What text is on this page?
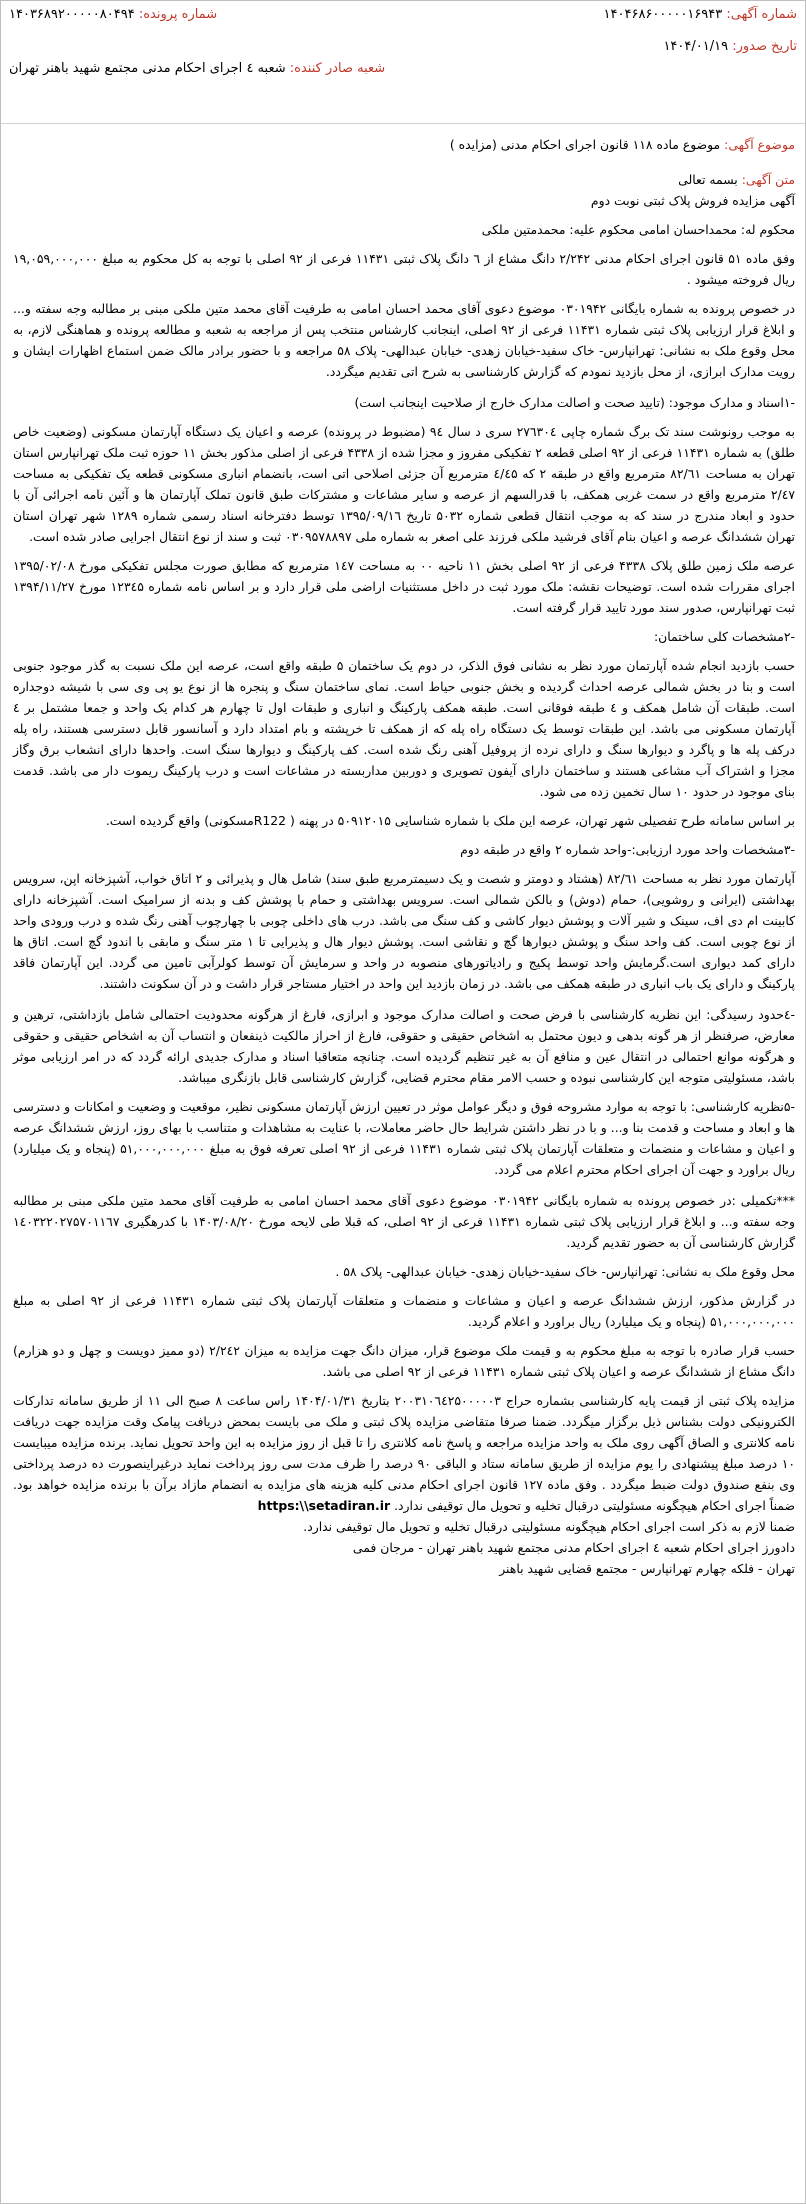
شماره آگهی: ۱۴۰۴۶۸۶۰۰۰۰۰۱۶۹۴۳
شماره پرونده: ۱۴۰۳۶۸۹۲۰۰۰۰۰۸۰۴۹۴
تاریخ صدور: ۱۴۰۴/۰۱/۱۹
شعبه صادر کننده: شعبه ٤ اجرای احکام مدنی مجتمع شهید باهنر تهران
موضوع آگهی: موضوع ماده ۱۱۸ قانون اجرای احکام مدنی (مزایده )
متن آگهی: بسمه تعالی
آگهی مزایده فروش پلاک ثبتی نوبت دوم
محکوم له: محمداحسان امامی محکوم علیه: محمدمتین ملکی
وفق ماده ۵۱ قانون اجرای احکام مدنی ۲/۲۴۲ دانگ مشاع از ٦ دانگ پلاک ثبتی ۱۱۴۳۱ فرعی از ۹۲ اصلی با توجه به کل محکوم به مبلغ ۱۹,۰۵۹,۰۰۰,۰۰۰ ریال فروخته میشود .
در خصوص پرونده به شماره بایگانی ۰۳۰۱۹۴۲ موضوع دعوی آقای محمد احسان امامی به طرفیت آقای محمد متین ملکی مبنی بر مطالبه وجه سفته و... و ابلاغ قرار ارزیابی پلاک ثبتی شماره ۱۱۴۳۱ فرعی از ۹۲ اصلی، اینجانب کارشناس منتخب پس از مراجعه به شعبه و مطالعه پرونده و هماهنگی لازم، به محل وقوع ملک به نشانی: تهرانپارس- خاک سفید-خیابان زهدی- خیابان عبدالهی- پلاک ۵۸ مراجعه و با حضور برادر مالک ضمن استماع اظهارات ایشان و رویت مدارک ابرازی، از محل بازدید نمودم که گزارش کارشناسی به شرح اتی تقدیم میگردد.
-۱اسناد و مدارک موجود: (تایید صحت و اصالت مدارک خارج از صلاحیت اینجانب است)
به موجب رونوشت سند تک برگ شماره چاپی ۲۷٦۳۰٤ سری د سال ۹٤ (مضبوط در پرونده) عرصه و اعیان یک دستگاه آپارتمان مسکونی (وضعیت خاص طلق) به شماره ۱۱۴۳۱ فرعی از ۹۲ اصلی قطعه ۲ تفکیکی مفروز و مجزا شده از ۴۳۳۸ فرعی از اصلی مذکور بخش ۱۱ حوزه ثبت ملک تهرانپارس استان تهران به مساحت ۸۲/٦۱ مترمربع واقع در طبقه ۲ که ٤/٤۵ مترمربع آن جزئی اصلاحی اتی است، بانضمام انباری مسکونی قطعه یک تفکیکی به مساحت ۲/٤۷ مترمربع واقع در سمت غربی همکف، با قدرالسهم از عرصه و سایر مشاعات و مشترکات طبق قانون تملک آپارتمان ها و آئین نامه اجرائی آن با حدود و ابعاد مندرج در سند که به موجب انتقال قطعی شماره ۵۰۳۲ تاریخ ۱۳۹۵/۰۹/۱٦ توسط دفترخانه اسناد رسمی شماره ۱۲۸۹ شهر تهران استان تهران ششدانگ عرصه و اعیان بنام آقای فرشید ملکی فرزند علی اصغر به شماره ملی ۰۳۰۹۵۷۸۸۹۷ ثبت و سند از نوع انتقال اجرایی صادر شده است.
عرصه ملک زمین طلق پلاک ۴۳۳۸ فرعی از ۹۲ اصلی بخش ۱۱ ناحیه ۰۰ به مساحت ۱٤۷ مترمربع که مطابق صورت مجلس تفکیکی مورخ ۱۳۹۵/۰۲/۰۸ اجرای مقررات شده است. توضیحات نقشه: ملک مورد ثبت در داخل مستثنیات اراضی ملی قرار دارد و بر اساس نامه شماره ۱۲۳٤۵ مورخ ۱۳۹۴/۱۱/۲۷ ثبت تهرانپارس، صدور سند مورد تایید قرار گرفته است.
-۲مشخصات کلی ساختمان:
حسب بازدید انجام شده آپارتمان مورد نظر به نشانی فوق الذکر، در دوم یک ساختمان ۵ طبقه واقع است، عرصه این ملک نسبت به گذر موجود جنوبی است و بنا در بخش شمالی عرصه احداث گردیده و بخش جنوبی حیاط است. نمای ساختمان سنگ و پنجره ها از نوع یو پی وی سی با شیشه دوجداره است. طبقات آن شامل همکف و ٤ طبقه فوقانی است. طبقه همکف پارکینگ و انباری و طبقات اول تا چهارم هر کدام یک واحد و جمعا مشتمل بر ٤ آپارتمان مسکونی می باشد. این طبقات توسط یک دستگاه راه پله که از همکف تا خرپشته و بام امتداد دارد و آسانسور قابل دسترسی هستند، راه پله درکف پله ها و پاگرد و دیوارها سنگ و دارای نرده از پروفیل آهنی رنگ شده است. کف پارکینگ و دیوارها سنگ است. واحدها دارای انشعاب برق وگاز مجزا و اشتراک آب مشاعی هستند و ساختمان دارای آیفون تصویری و دوربین مداربسته در مشاعات است و درب پارکینگ ریموت دار می باشد. قدمت بنای موجود در حدود ۱۰ سال تخمین زده می شود.
بر اساس سامانه طرح تفصیلی شهر تهران، عرصه این ملک با شماره شناسایی ۵۰۹۱۲۰۱۵ در پهنه ( R122مسکونی) واقع گردیده است.
-۳مشخصات واحد مورد ارزیابی:-واحد شماره ۲ واقع در طبقه دوم
آپارتمان مورد نظر به مساحت ۸۲/٦۱ (هشتاد و دومتر و شصت و یک دسیمترمربع طبق سند) شامل هال و پذیرائی و ۲ اتاق خواب، آشپزخانه اپن، سرویس بهداشتی (ایرانی و روشویی)، حمام (دوش) و بالکن شمالی است. سرویس بهداشتی و حمام با پوشش کف و بدنه از سرامیک است. آشپزخانه دارای کابینت ام دی اف، سینک و شیر آلات و پوشش دیوار کاشی و کف سنگ می باشد. درب های داخلی چوبی با چهارچوب آهنی رنگ شده و درب ورودی واحد از نوع چوبی است. کف واحد سنگ و پوشش دیوارها گچ و نقاشی است. پوشش دیوار هال و پذیرایی تا ۱ متر سنگ و مابقی با اندود گچ است. اتاق ها دارای کمد دیواری است.گرمایش واحد توسط پکیج و رادیاتورهای منصوبه در واحد و سرمایش آن توسط کولرآبی تامین می گردد. این آپارتمان فاقد پارکینگ و دارای یک باب انباری در طبقه همکف می باشد. در زمان بازدید این واحد در اختیار مستاجر قرار داشت و در آن سکونت داشتند.
-٤حدود رسیدگی: این نظریه کارشناسی با فرض صحت و اصالت مدارک موجود و ابرازی، فارغ از هرگونه محدودیت احتمالی شامل بازداشتی، ترهین و معارض، صرفنظر از هر گونه بدهی و دیون محتمل به اشخاص حقیقی و حقوقی، فارغ از احراز مالکیت ذینفعان و انتساب آن به اشخاص حقیقی و حقوقی و هرگونه موانع احتمالی در انتقال عین و منافع آن به غیر تنظیم گردیده است. چنانچه متعاقبا اسناد و مدارک جدیدی ارائه گردد که در امر ارزیابی موثر باشد، مسئولیتی متوجه این کارشناسی نبوده و حسب الامر مقام محترم قضایی، گزارش کارشناسی قابل بازنگری میباشد.
-۵نظریه کارشناسی: با توجه به موارد مشروحه فوق و دیگر عوامل موثر در تعیین ارزش آپارتمان مسکونی نظیر، موقعیت و وضعیت و امکانات و دسترسی ها و ابعاد و مساحت و قدمت بنا و... و با در نظر داشتن شرایط حال حاضر معاملات، با عنایت به مشاهدات و متناسب با بهای روز، ارزش ششدانگ عرصه و اعیان و مشاعات و منضمات و متعلقات آپارتمان پلاک ثبتی شماره ۱۱۴۳۱ فرعی از ۹۲ اصلی تعرفه فوق به مبلغ ۵۱,۰۰۰,۰۰۰,۰۰۰ (پنجاه و یک میلیارد) ریال براورد و جهت آن اجرای احکام محترم اعلام می گردد.
***تکمیلی :در خصوص پرونده به شماره بایگانی ۰۳۰۱۹۴۲ موضوع دعوی آقای محمد احسان امامی به طرفیت آقای محمد متین ملکی مبنی بر مطالبه وجه سفته و... و ابلاغ قرار ارزیابی پلاک ثبتی شماره ۱۱۴۳۱ فرعی از ۹۲ اصلی، که قبلا طی لایحه مورخ ۱۴۰۳/۰۸/۲۰ با کدرهگیری ۱٤۰۳۲۲۰۲۷۵۷۰۱۱٦۷ گزارش کارشناسی آن به حضور تقدیم گردید.
محل وقوع ملک به نشانی: تهرانپارس- خاک سفید-خیابان زهدی- خیابان عبدالهی- پلاک ۵۸ .
در گزارش مذکور، ارزش ششدانگ عرصه و اعیان و مشاعات و منضمات و متعلقات آپارتمان پلاک ثبتی شماره ۱۱۴۳۱ فرعی از ۹۲ اصلی به مبلغ ۵۱,۰۰۰,۰۰۰,۰۰۰ (پنجاه و یک میلیارد) ریال براورد و اعلام گردید.
حسب قرار صادره با توجه به مبلغ محکوم به و قیمت ملک موضوع قرار، میزان دانگ جهت مزایده به میزان ۲/۲٤۲ (دو ممیز دویست و چهل و دو هزارم) دانگ مشاع از ششدانگ عرصه و اعیان پلاک ثبتی شماره ۱۱۴۳۱ فرعی از ۹۲ اصلی می باشد.
مزایده پلاک ثبتی از قیمت پایه کارشناسی بشماره حراج ۲۰۰۳۱۰٦٤۲۵۰۰۰۰۰۳ بتاریخ ۱۴۰۴/۰۱/۳۱ راس ساعت ۸ صبح الی ۱۱ از طریق سامانه تدارکات الکترونیکی دولت بشناس ذیل برگزار میگردد. ضمنا صرفا متقاضی مزایده پلاک ثبتی و ملک می بایست بمحض دریافت پیامک وقت مزایده جهت دریافت نامه کلانتری و الصاق آگهی روی ملک به واحد مزایده مراجعه و پاسخ نامه کلانتری را تا قبل از روز مزایده به این واحد تحویل نماید. برنده مزایده میبایست ۱۰ درصد مبلغ پیشنهادی را یوم مزایده از طریق سامانه ستاد و الباقی ۹۰ درصد را ظرف مدت سی روز پرداخت نماید درغیراینصورت ده درصد پرداختی وی بنفع صندوق دولت ضبط میگردد . وفق ماده ۱۲۷ قانون اجرای احکام مدنی کلیه هزینه های مزایده به انضمام مازاد برآن با برنده مزایده خواهد بود. ضمناً اجرای احکام هیچگونه مسئولیتی درقبال تخلیه و تحویل مال توقیفی ندارد. https:\\setadiran.ir
ضمنا لازم به ذکر است اجرای احکام هیچگونه مسئولیتی درقبال تخلیه و تحویل مال توقیفی ندارد.
دادورز اجرای احکام شعبه ٤ اجرای احکام مدنی مجتمع شهید باهنر تهران - مرجان فمی
تهران - فلکه چهارم تهرانپارس - مجتمع قضایی شهید باهنر
